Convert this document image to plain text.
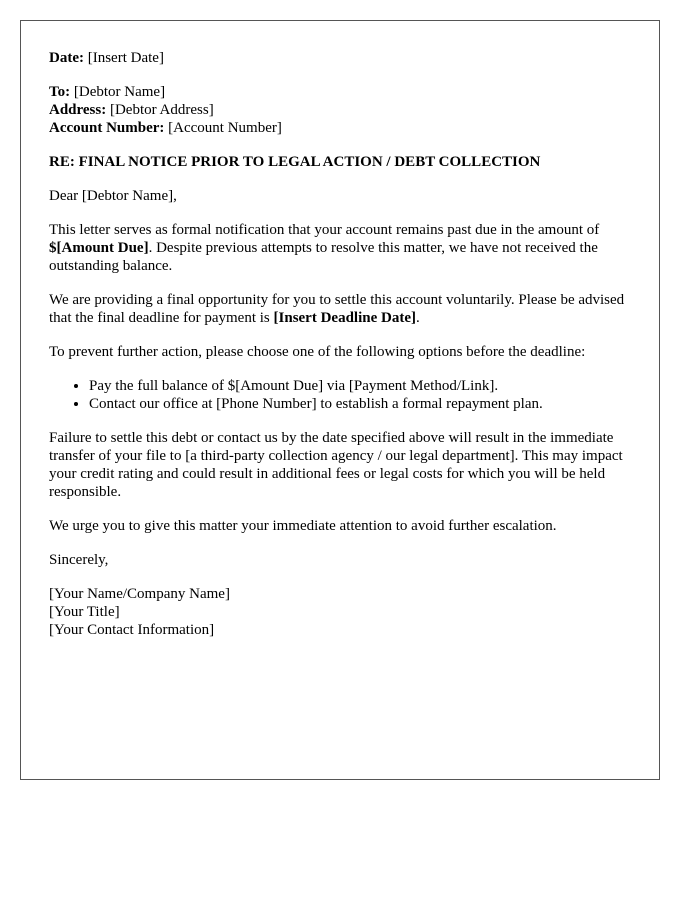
Date: [Insert Date]

To: [Debtor Name]
Address: [Debtor Address]
Account Number: [Account Number]

RE: FINAL NOTICE PRIOR TO LEGAL ACTION / DEBT COLLECTION

Dear [Debtor Name],

This letter serves as formal notification that your account remains past due in the amount of $[Amount Due]. Despite previous attempts to resolve this matter, we have not received the outstanding balance.

We are providing a final opportunity for you to settle this account voluntarily. Please be advised that the final deadline for payment is [Insert Deadline Date].

To prevent further action, please choose one of the following options before the deadline:

• Pay the full balance of $[Amount Due] via [Payment Method/Link].
• Contact our office at [Phone Number] to establish a formal repayment plan.

Failure to settle this debt or contact us by the date specified above will result in the immediate transfer of your file to [a third-party collection agency / our legal department]. This may impact your credit rating and could result in additional fees or legal costs for which you will be held responsible.

We urge you to give this matter your immediate attention to avoid further escalation.

Sincerely,

[Your Name/Company Name]
[Your Title]
[Your Contact Information]
